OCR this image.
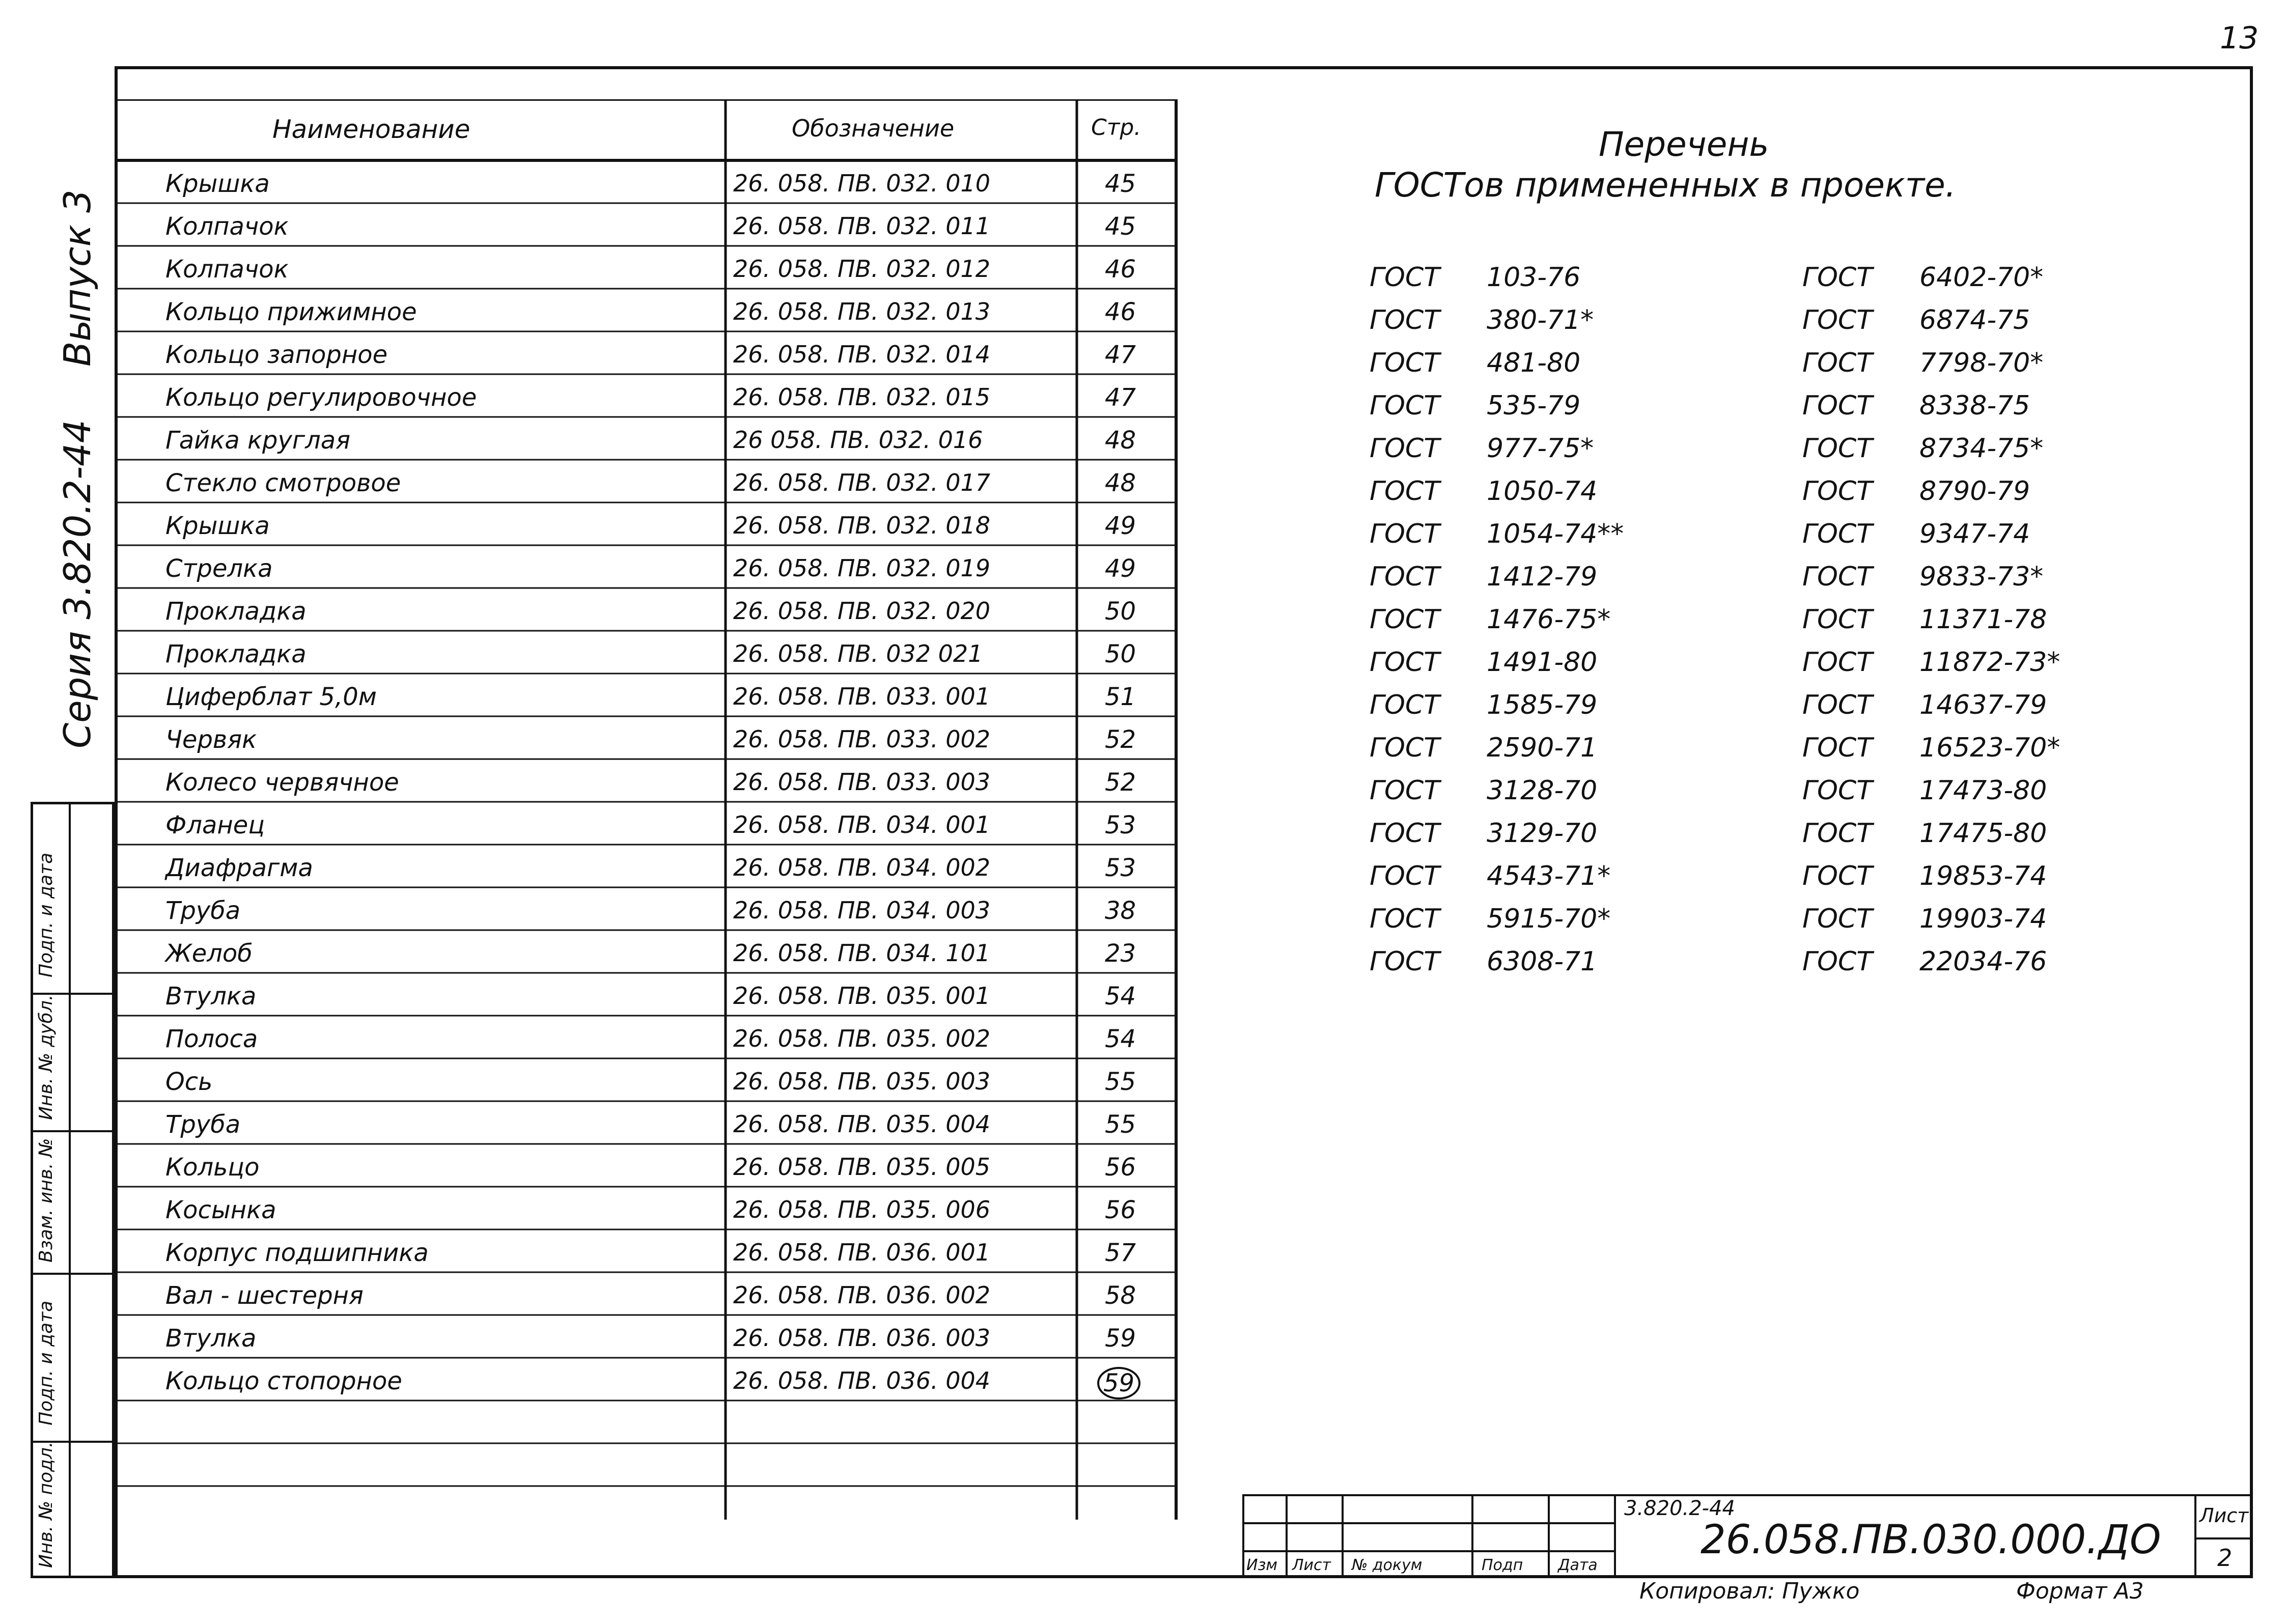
13
Подп. и дата
Инв. № дубл.
Взам. инв. №
Подп. и дата
Инв. № подл.
Серия 3.820.2-44
Выпуск 3
Наименование	Обозначение	Стр.
Крышка	26. 058. ПВ. 032. 010	45
Колпачок	26. 058. ПВ. 032. 011	45
Колпачок	26. 058. ПВ. 032. 012	46
Кольцо прижимное	26. 058. ПВ. 032. 013	46
Кольцо запорное	26. 058. ПВ. 032. 014	47
Кольцо регулировочное	26. 058. ПВ. 032. 015	47
Гайка круглая	26 058. ПВ. 032. 016	48
Стекло смотровое	26. 058. ПВ. 032. 017	48
Крышка	26. 058. ПВ. 032. 018	49
Стрелка	26. 058. ПВ. 032. 019	49
Прокладка	26. 058. ПВ. 032. 020	50
Прокладка	26. 058. ПВ. 032 021	50
Циферблат 5,0м	26. 058. ПВ. 033. 001	51
Червяк	26. 058. ПВ. 033. 002	52
Колесо червячное	26. 058. ПВ. 033. 003	52
Фланец	26. 058. ПВ. 034. 001	53
Диафрагма	26. 058. ПВ. 034. 002	53
Труба	26. 058. ПВ. 034. 003	38
Желоб	26. 058. ПВ. 034. 101	23
Втулка	26. 058. ПВ. 035. 001	54
Полоса	26. 058. ПВ. 035. 002	54
Ось	26. 058. ПВ. 035. 003	55
Труба	26. 058. ПВ. 035. 004	55
Кольцо	26. 058. ПВ. 035. 005	56
Косынка	26. 058. ПВ. 035. 006	56
Корпус подшипника	26. 058. ПВ. 036. 001	57
Вал - шестерня	26. 058. ПВ. 036. 002	58
Втулка	26. 058. ПВ. 036. 003	59
Кольцо стопорное	26. 058. ПВ. 036. 004	59
Перечень
ГОСТов примененных в проекте.
ГОСТ 103-76
ГОСТ 380-71*
ГОСТ 481-80
ГОСТ 535-79
ГОСТ 977-75*
ГОСТ 1050-74
ГОСТ 1054-74**
ГОСТ 1412-79
ГОСТ 1476-75*
ГОСТ 1491-80
ГОСТ 1585-79
ГОСТ 2590-71
ГОСТ 3128-70
ГОСТ 3129-70
ГОСТ 4543-71*
ГОСТ 5915-70*
ГОСТ 6308-71
ГОСТ 6402-70*
ГОСТ 6874-75
ГОСТ 7798-70*
ГОСТ 8338-75
ГОСТ 8734-75*
ГОСТ 8790-79
ГОСТ 9347-74
ГОСТ 9833-73*
ГОСТ 11371-78
ГОСТ 11872-73*
ГОСТ 14637-79
ГОСТ 16523-70*
ГОСТ 17473-80
ГОСТ 17475-80
ГОСТ 19853-74
ГОСТ 19903-74
ГОСТ 22034-76
Изм Лист № докум	Подп Дата
3.820.2-44
26.058.ПВ.030.000.ДО
Лист
2
Копировал: Пужко	Формат А3
